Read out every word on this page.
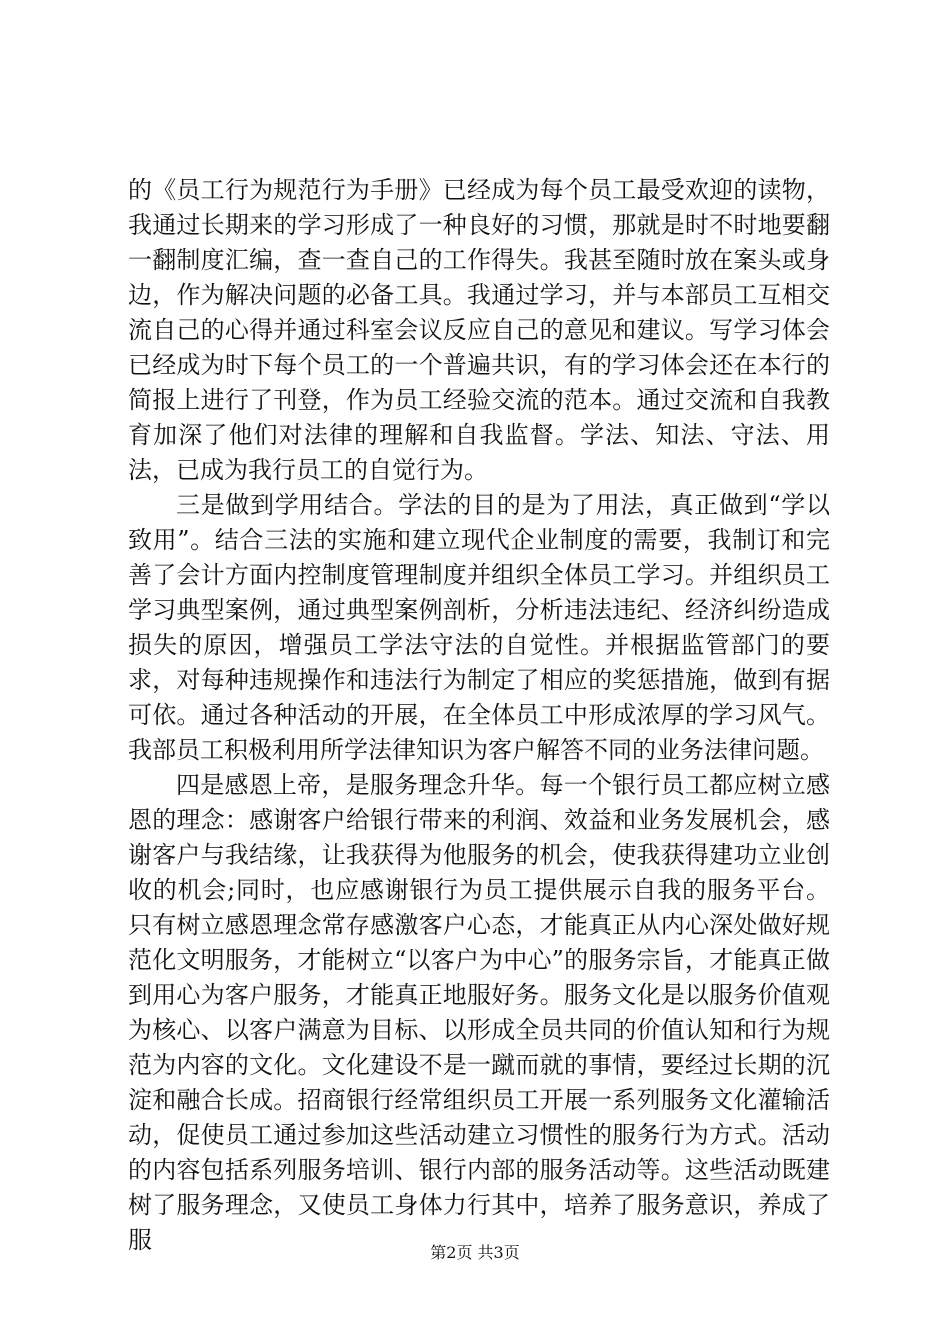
的《员工行为规范行为手册》已经成为每个员工最受欢迎的读物，我通过长期来的学习形成了一种良好的习惯，那就是时不时地要翻一翻制度汇编，查一查自己的工作得失。我甚至随时放在案头或身边，作为解决问题的必备工具。我通过学习，并与本部员工互相交流自己的心得并通过科室会议反应自己的意见和建议。写学习体会已经成为时下每个员工的一个普遍共识，有的学习体会还在本行的简报上进行了刊登，作为员工经验交流的范本。通过交流和自我教育加深了他们对法律的理解和自我监督。学法、知法、守法、用法，已成为我行员工的自觉行为。

三是做到学用结合。学法的目的是为了用法，真正做到“学以致用”。结合三法的实施和建立现代企业制度的需要，我制订和完善了会计方面内控制度管理制度并组织全体员工学习。并组织员工学习典型案例，通过典型案例剖析，分析违法违纪、经济纠纷造成损失的原因，增强员工学法守法的自觉性。并根据监管部门的要求，对每种违规操作和违法行为制定了相应的奖惩措施，做到有据可依。通过各种活动的开展，在全体员工中形成浓厚的学习风气。我部员工积极利用所学法律知识为客户解答不同的业务法律问题。

四是感恩上帝，是服务理念升华。每一个银行员工都应树立感恩的理念：感谢客户给银行带来的利润、效益和业务发展机会，感谢客户与我结缘，让我获得为他服务的机会，使我获得建功立业创收的机会;同时，也应感谢银行为员工提供展示自我的服务平台。只有树立感恩理念常存感激客户心态，才能真正从内心深处做好规范化文明服务，才能树立“以客户为中心”的服务宗旨，才能真正做到用心为客户服务，才能真正地服好务。服务文化是以服务价值观为核心、以客户满意为目标、以形成全员共同的价值认知和行为规范为内容的文化。文化建设不是一蹴而就的事情，要经过长期的沉淀和融合长成。招商银行经常组织员工开展一系列服务文化灌输活动，促使员工通过参加这些活动建立习惯性的服务行为方式。活动的内容包括系列服务培训、银行内部的服务活动等。这些活动既建树了服务理念，又使员工身体力行其中，培养了服务意识，养成了服	第2页 共3页
